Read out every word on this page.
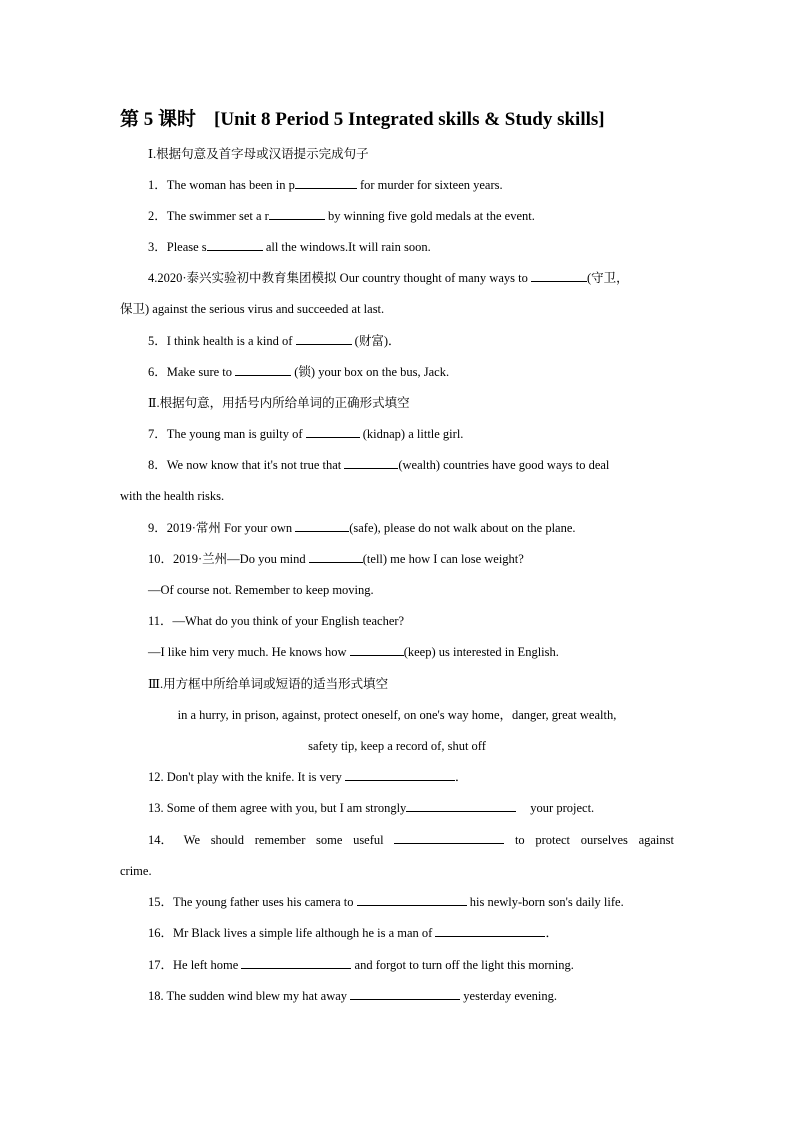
第 5 课时 [Unit 8 Period 5 Integrated skills & Study skills]
Ⅰ.根据句意及首字母或汉语提示完成句子
1．The woman has been in p	for murder for sixteen years.
2．The swimmer set a r	by winning five gold medals at the event.
3．Please s	all the windows.It will rain soon.
4.2020·泰兴实验初中教育集团模拟 Our country thought of many ways to	(守卫，
保卫) against the serious virus and succeeded at last.
5．I think health is a kind of	(财富)．
6．Make sure to	(锁) your box on the bus, Jack.
Ⅱ.根据句意，用括号内所给单词的正确形式填空
7．The young man is guilty of	(kidnap) a little girl.
8．We now know that it's not true that	(wealth) countries have good ways to deal
with the health risks.
9．2019·常州 For your own	(safe), please do not walk about on the plane.
10．2019·兰州—Do you mind	(tell) me how I can lose weight?
—Of course not. Remember to keep moving.
11．—What do you think of your English teacher?
—I like him very much. He knows how	(keep) us interested in English.
Ⅲ.用方框中所给单词或短语的适当形式填空
in a hurry, in prison, against, protect oneself, on one's way home，danger, great wealth,
safety tip, keep a record of, shut off
12. Don't play with the knife. It is very	．
13. Some of them agree with you, but I am strongly	your project.
14． We should remember some useful	to protect ourselves against
crime.
15．The young father uses his camera to	his newly-born son's daily life.
16．Mr Black lives a simple life although he is a man of	．
17．He left home	and forgot to turn off the light this morning.
18. The sudden wind blew my hat away	yesterday evening.
